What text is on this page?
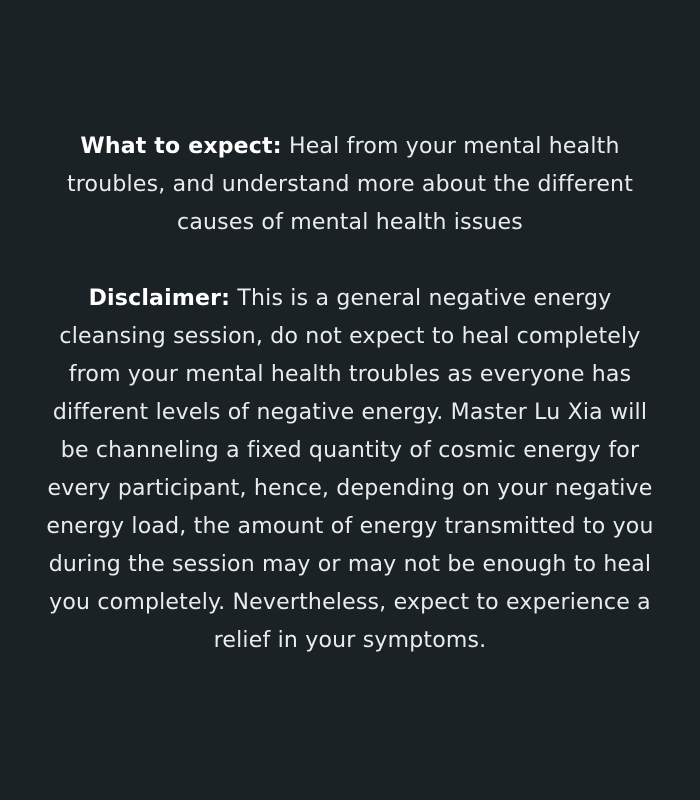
What to expect: Heal from your mental health troubles, and understand more about the different causes of mental health issues

Disclaimer: This is a general negative energy cleansing session, do not expect to heal completely from your mental health troubles as everyone has different levels of negative energy. Master Lu Xia will be channeling a fixed quantity of cosmic energy for every participant, hence, depending on your negative energy load, the amount of energy transmitted to you during the session may or may not be enough to heal you completely. Nevertheless, expect to experience a relief in your symptoms.
